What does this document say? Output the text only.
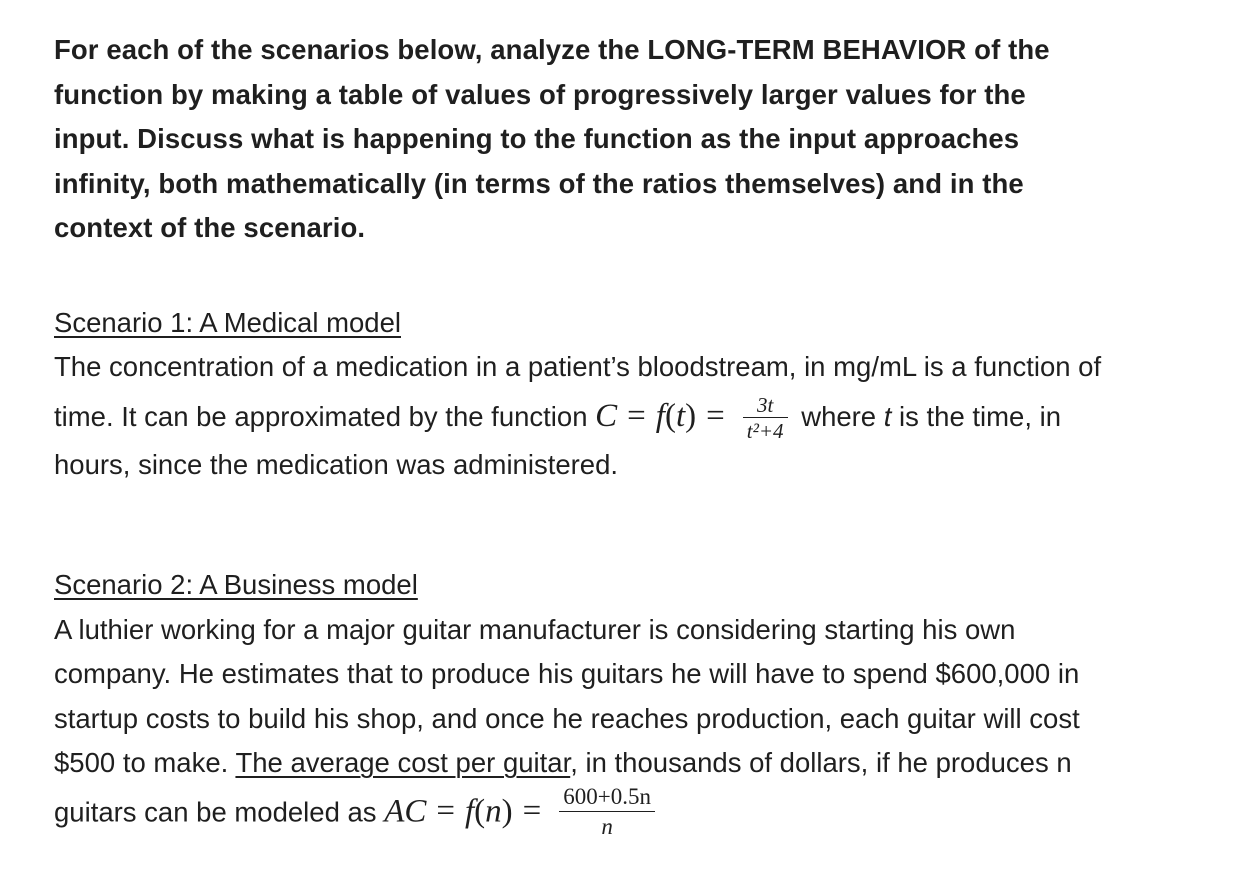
For each of the scenarios below, analyze the LONG-TERM BEHAVIOR of the
function by making a table of values of progressively larger values for the
input. Discuss what is happening to the function as the input approaches
infinity, both mathematically (in terms of the ratios themselves) and in the
context of the scenario.
Scenario 1: A Medical model
The concentration of a medication in a patient’s bloodstream, in mg/mL is a function of
time. It can be approximated by the function $C = f(t) = \frac{3t}{\text{t²+4}}$ where t is the time, in
hours, since the medication was administered.
Scenario 2: A Business model
A luthier working for a major guitar manufacturer is considering starting his own
company. He estimates that to produce his guitars he will have to spend $600,000 in
startup costs to build his shop, and once he reaches production, each guitar will cost
$500 to make. The average cost per guitar, in thousands of dollars, if he produces n
guitars can be modeled as AC = $f(n) = \frac{600+0.5n}{n}$
